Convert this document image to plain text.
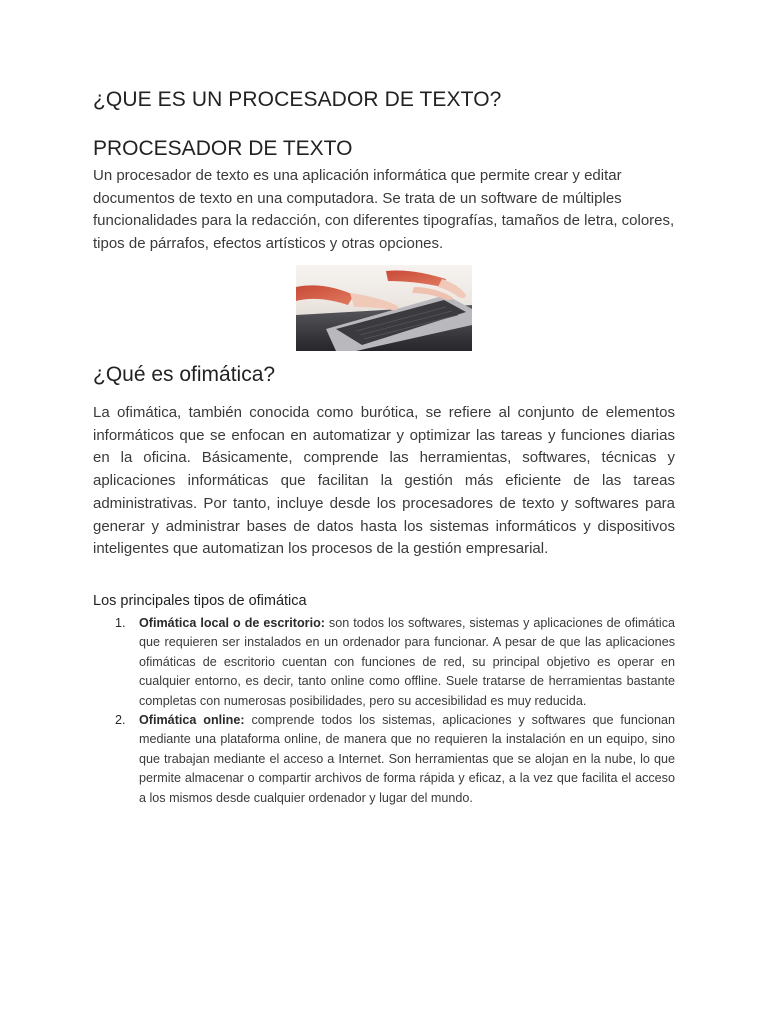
¿QUE ES UN PROCESADOR DE TEXTO?
PROCESADOR DE TEXTO

Un procesador de texto es una aplicación informática que permite crear y editar documentos de texto en una computadora. Se trata de un software de múltiples funcionalidades para la redacción, con diferentes tipografías, tamaños de letra, colores, tipos de párrafos, efectos artísticos y otras opciones.

¿Qué es ofimática?

La ofimática, también conocida como burótica, se refiere al conjunto de elementos informáticos que se enfocan en automatizar y optimizar las tareas y funciones diarias en la oficina. Básicamente, comprende las herramientas, softwares, técnicas y aplicaciones informáticas que facilitan la gestión más eficiente de las tareas administrativas. Por tanto, incluye desde los procesadores de texto y softwares para generar y administrar bases de datos hasta los sistemas informáticos y dispositivos inteligentes que automatizan los procesos de la gestión empresarial.

Los principales tipos de ofimática
1. Ofimática local o de escritorio: son todos los softwares, sistemas y aplicaciones de ofimática que requieren ser instalados en un ordenador para funcionar. A pesar de que las aplicaciones ofimáticas de escritorio cuentan con funciones de red, su principal objetivo es operar en cualquier entorno, es decir, tanto online como offline. Suele tratarse de herramientas bastante completas con numerosas posibilidades, pero su accesibilidad es muy reducida.
2. Ofimática online: comprende todos los sistemas, aplicaciones y softwares que funcionan mediante una plataforma online, de manera que no requieren la instalación en un equipo, sino que trabajan mediante el acceso a Internet. Son herramientas que se alojan en la nube, lo que permite almacenar o compartir archivos de forma rápida y eficaz, a la vez que facilita el acceso a los mismos desde cualquier ordenador y lugar del mundo.
